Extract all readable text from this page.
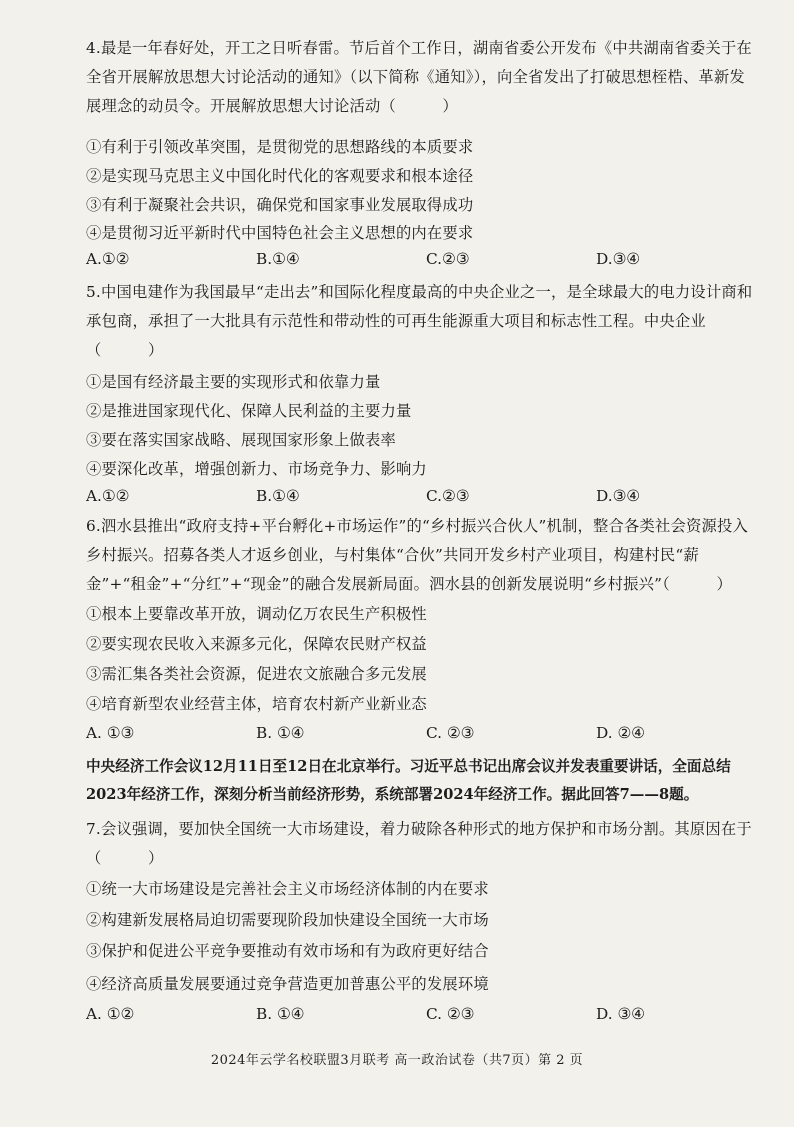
4.最是一年春好处，开工之日听春雷。节后首个工作日，湖南省委公开发布《中共湖南省委关于在全省开展解放思想大讨论活动的通知》（以下简称《通知》），向全省发出了打破思想桎梏、革新发展理念的动员令。开展解放思想大讨论活动（　　　）
①有利于引领改革突围，是贯彻党的思想路线的本质要求
②是实现马克思主义中国化时代化的客观要求和根本途径
③有利于凝聚社会共识，确保党和国家事业发展取得成功
④是贯彻习近平新时代中国特色社会主义思想的内在要求
A.①②	B.①④	C.②③	D.③④
5.中国电建作为我国最早“走出去”和国际化程度最高的中央企业之一，是全球最大的电力设计商和承包商，承担了一大批具有示范性和带动性的可再生能源重大项目和标志性工程。中央企业（　　　）
①是国有经济最主要的实现形式和依靠力量
②是推进国家现代化、保障人民利益的主要力量
③要在落实国家战略、展现国家形象上做表率
④要深化改革，增强创新力、市场竞争力、影响力
A.①②	B.①④	C.②③	D.③④
6.泗水县推出“政府支持+平台孵化+市场运作”的“乡村振兴合伙人”机制，整合各类社会资源投入乡村振兴。招募各类人才返乡创业，与村集体“合伙”共同开发乡村产业项目，构建村民“薪金”+“租金”+“分红”+“现金”的融合发展新局面。泗水县的创新发展说明“乡村振兴”（　　　）
①根本上要靠改革开放，调动亿万农民生产积极性
②要实现农民收入来源多元化，保障农民财产权益
③需汇集各类社会资源，促进农文旅融合多元发展
④培育新型农业经营主体，培育农村新产业新业态
A. ①③	B. ①④	C. ②③	D. ②④
中央经济工作会议12月11日至12日在北京举行。习近平总书记出席会议并发表重要讲话，全面总结2023年经济工作，深刻分析当前经济形势，系统部署2024年经济工作。据此回答7——8题。
7.会议强调，要加快全国统一大市场建设，着力破除各种形式的地方保护和市场分割。其原因在于（　　　）
①统一大市场建设是完善社会主义市场经济体制的内在要求
②构建新发展格局迫切需要现阶段加快建设全国统一大市场
③保护和促进公平竞争要推动有效市场和有为政府更好结合
④经济高质量发展要通过竞争营造更加普惠公平的发展环境
A. ①②	B. ①④	C. ②③	D. ③④
2024年云学名校联盟3月联考 高一政治试卷（共7页）第 2 页
